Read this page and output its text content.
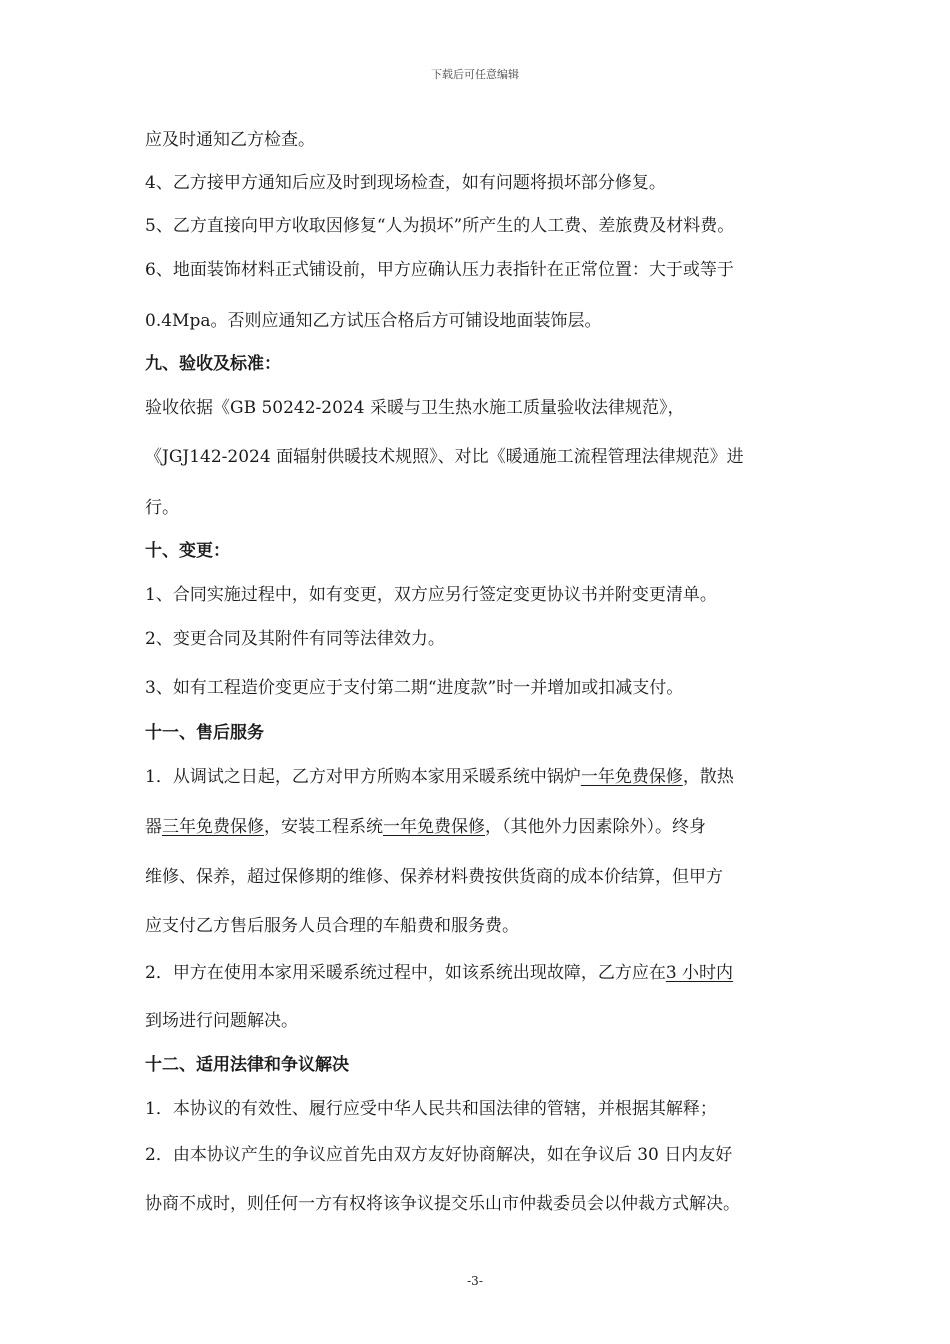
下载后可任意编辑
应及时通知乙方检查。
4、乙方接甲方通知后应及时到现场检查，如有问题将损坏部分修复。
5、乙方直接向甲方收取因修复“人为损坏”所产生的人工费、差旅费及材料费。
6、地面装饰材料正式铺设前，甲方应确认压力表指针在正常位置：大于或等于
0.4Mpa。否则应通知乙方试压合格后方可铺设地面装饰层。
九、验收及标准：
验收依据《GB 50242-2024 采暖与卫生热水施工质量验收法律规范》，
《JGJ142-2024 面辐射供暖技术规照》、对比《暖通施工流程管理法律规范》进
行。
十、变更：
1、合同实施过程中，如有变更，双方应另行签定变更协议书并附变更清单。
2、变更合同及其附件有同等法律效力。
3、如有工程造价变更应于支付第二期“进度款”时一并增加或扣减支付。
十一、售后服务
1．从调试之日起，乙方对甲方所购本家用采暖系统中锅炉一年免费保修，散热
器三年免费保修，安装工程系统一年免费保修，（其他外力因素除外）。终身
维修、保养，超过保修期的维修、保养材料费按供货商的成本价结算，但甲方
应支付乙方售后服务人员合理的车船费和服务费。
2．甲方在使用本家用采暖系统过程中，如该系统出现故障，乙方应在3 小时内
到场进行问题解决。
十二、适用法律和争议解决
1．本协议的有效性、履行应受中华人民共和国法律的管辖，并根据其解释；
2．由本协议产生的争议应首先由双方友好协商解决，如在争议后 30 日内友好
协商不成时，则任何一方有权将该争议提交乐山市仲裁委员会以仲裁方式解决。
-3-
